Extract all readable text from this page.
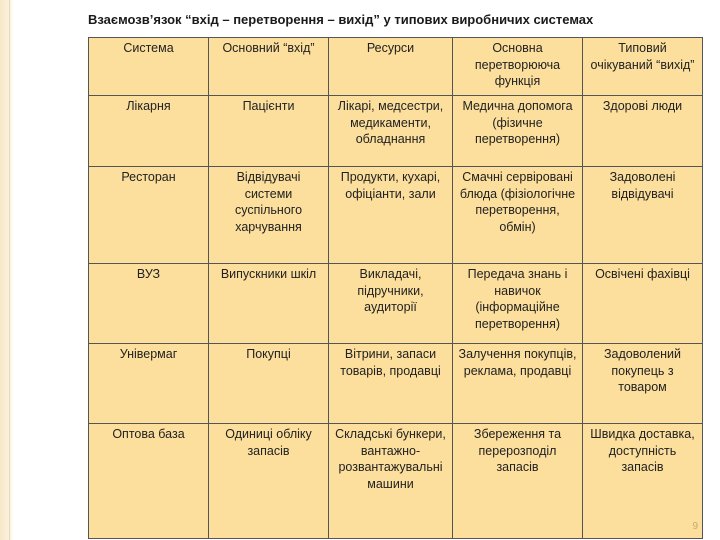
Взаємозв’язок “вхід – перетворення – вихід” у типових виробничих системах
Система	Основний “вхід”	Ресурси	Основна перетворююча функція	Типовий очікуваний “вихід”
Лікарня	Пацієнти	Лікарі, медсестри, медикаменти, обладнання	Медична допомога (фізичне перетворення)	Здорові люди
Ресторан	Відвідувачі системи суспільного харчування	Продукти, кухарі, офіціанти, зали	Смачні сервіровані блюда (фізіологічне перетворення, обмін)	Задоволені відвідувачі
ВУЗ	Випускники шкіл	Викладачі, підручники, аудиторії	Передача знань і навичок (інформаційне перетворення)	Освічені фахівці
Універмаг	Покупці	Вітрини, запаси товарів, продавці	Залучення покупців, реклама, продавці	Задоволений покупець з товаром
Оптова база	Одиниці обліку запасів	Складські бункери, вантажно-розвантажувальні машини	Збереження та перерозподіл запасів	Швидка доставка, доступність запасів
9
